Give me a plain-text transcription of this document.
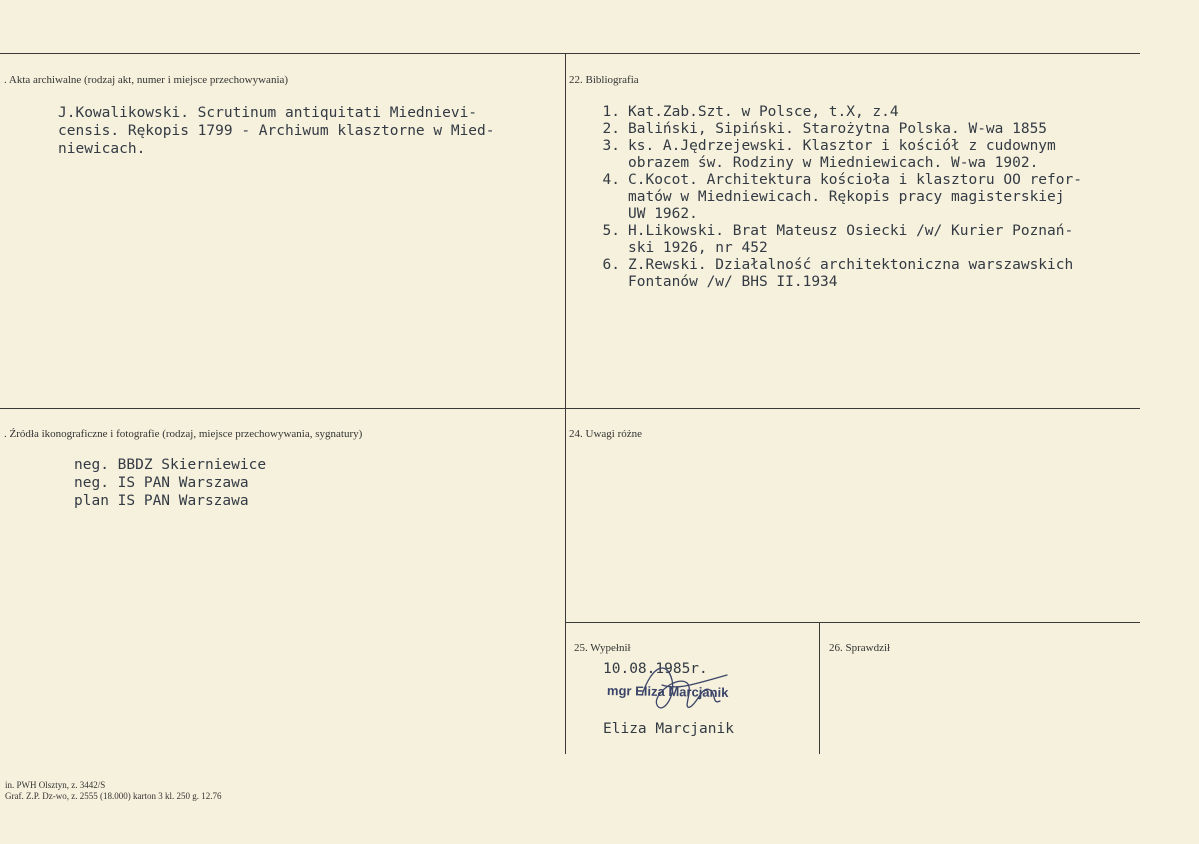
. Akta archiwalne (rodzaj akt, numer i miejsce przechowywania)
J.Kowalikowski. Scrutinum antiquitati Miednievi-
censis. Rękopis 1799 - Archiwum klasztorne w Mied-
niewicach.
22. Bibliografia
1. Kat.Zab.Szt. w Polsce, t.X, z.4
2. Baliński, Sipiński. Starożytna Polska. W-wa 1855
3. ks. A.Jędrzejewski. Klasztor i kościół z cudownym
obrazem św. Rodziny w Miedniewicach. W-wa 1902.
4. C.Kocot. Architektura kościoła i klasztoru OO refor-
matów w Miedniewicach. Rękopis pracy magisterskiej
UW 1962.
5. H.Likowski. Brat Mateusz Osiecki /w/ Kurier Poznań-
ski 1926, nr 452
6. Z.Rewski. Działalność architektoniczna warszawskich
Fontanów /w/ BHS II.1934
. Źródła ikonograficzne i fotografie (rodzaj, miejsce przechowywania, sygnatury)
neg. BBDZ Skierniewice
neg. IS PAN Warszawa
plan IS PAN Warszawa
24. Uwagi różne
25. Wypełnił
10.08.1985r.
mgr Eliza Marcjanik
Eliza Marcjanik
26. Sprawdził
in. PWH Olsztyn, z. 3442/S
Graf. Z.P. Dz-wo, z. 2555 (18.000) karton 3 kl. 250 g. 12.76
